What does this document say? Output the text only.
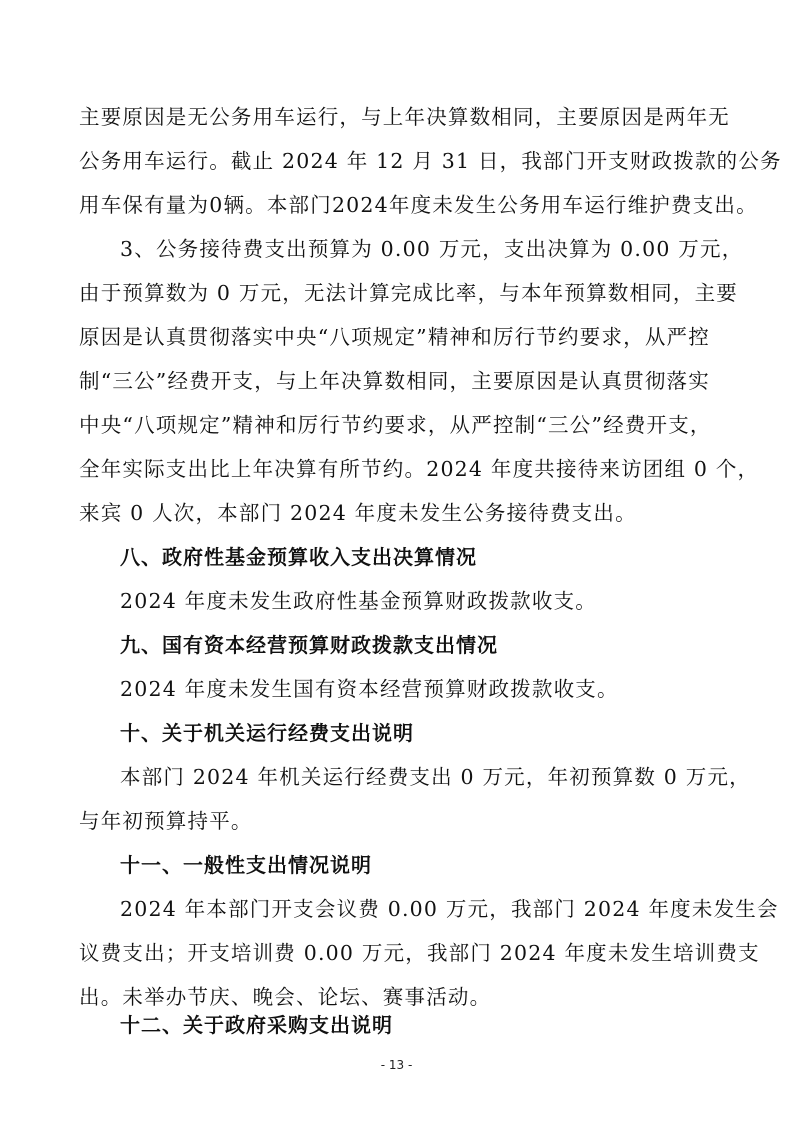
主要原因是无公务用车运行，与上年决算数相同，主要原因是两年无
公务用车运行。截止 2024 年 12 月 31 日，我部门开支财政拨款的公务
用车保有量为0辆。本部门2024年度未发生公务用车运行维护费支出。
3、公务接待费支出预算为 0.00 万元，支出决算为 0.00 万元，
由于预算数为 0 万元，无法计算完成比率，与本年预算数相同，主要
原因是认真贯彻落实中央“八项规定”精神和厉行节约要求，从严控
制“三公”经费开支，与上年决算数相同，主要原因是认真贯彻落实
中央“八项规定”精神和厉行节约要求，从严控制“三公”经费开支，
全年实际支出比上年决算有所节约。2024 年度共接待来访团组 0 个，
来宾 0 人次，本部门 2024 年度未发生公务接待费支出。
八、政府性基金预算收入支出决算情况
2024 年度未发生政府性基金预算财政拨款收支。
九、国有资本经营预算财政拨款支出情况
2024 年度未发生国有资本经营预算财政拨款收支。
十、关于机关运行经费支出说明
本部门 2024 年机关运行经费支出 0 万元，年初预算数 0 万元，
与年初预算持平。
十一、一般性支出情况说明
2024 年本部门开支会议费 0.00 万元，我部门 2024 年度未发生会
议费支出；开支培训费 0.00 万元，我部门 2024 年度未发生培训费支
出。未举办节庆、晚会、论坛、赛事活动。
十二、关于政府采购支出说明
- 13 -
